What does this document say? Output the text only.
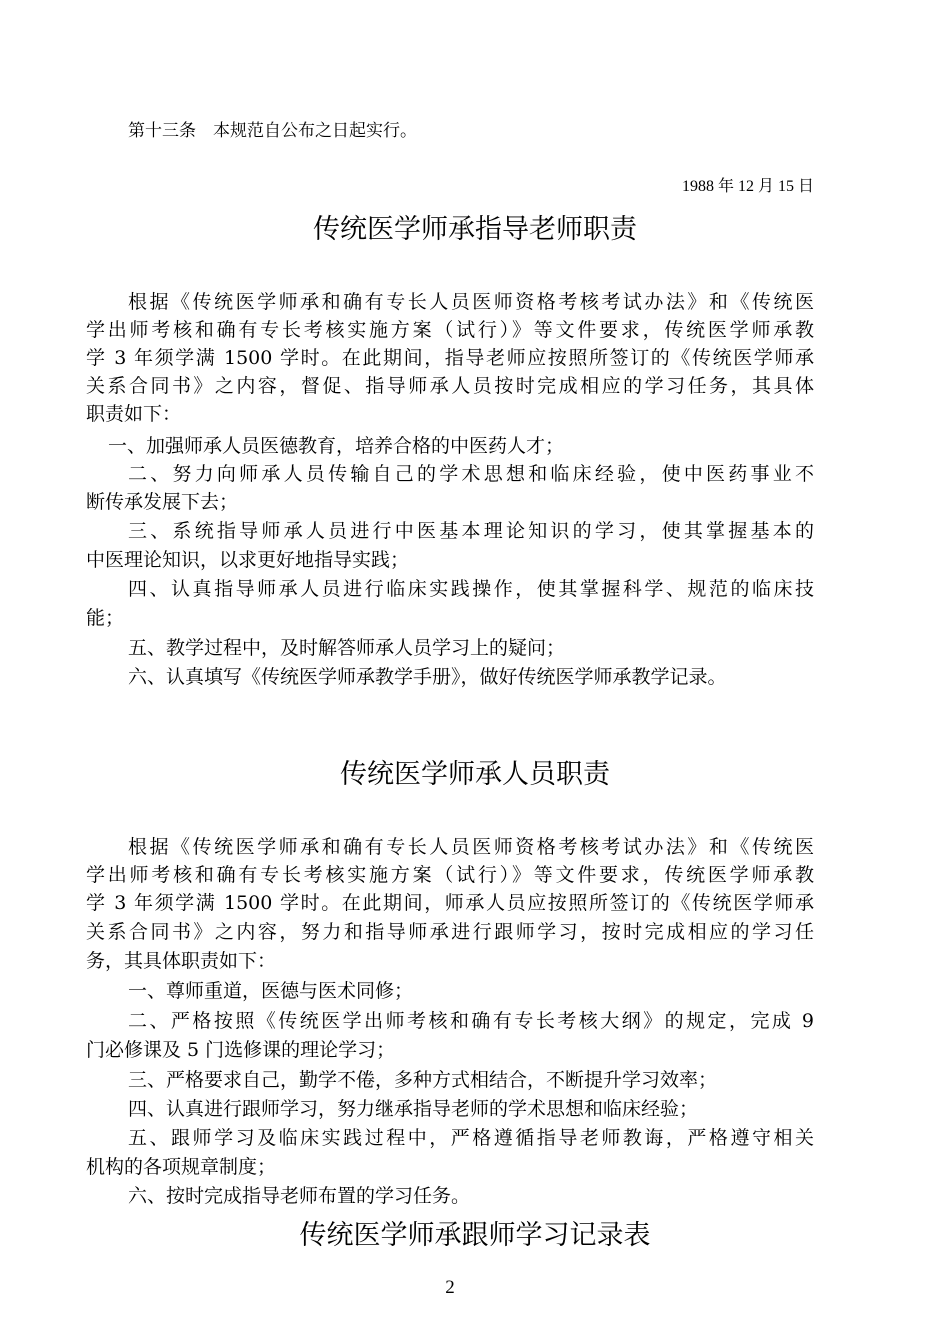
第十三条　本规范自公布之日起实行。
1988 年 12 月 15 日
传统医学师承指导老师职责
根据《传统医学师承和确有专长人员医师资格考核考试办法》和《传统医
学出师考核和确有专长考核实施方案（试行）》等文件要求，传统医学师承教
学 3 年须学满 1500 学时。在此期间，指导老师应按照所签订的《传统医学师承
关系合同书》之内容，督促、指导师承人员按时完成相应的学习任务，其具体
职责如下：
一、加强师承人员医德教育，培养合格的中医药人才；
二、努力向师承人员传输自己的学术思想和临床经验，使中医药事业不
断传承发展下去；
三、系统指导师承人员进行中医基本理论知识的学习，使其掌握基本的
中医理论知识，以求更好地指导实践；
四、认真指导师承人员进行临床实践操作，使其掌握科学、规范的临床技
能；
五、教学过程中，及时解答师承人员学习上的疑问；
六、认真填写《传统医学师承教学手册》，做好传统医学师承教学记录。
传统医学师承人员职责
根据《传统医学师承和确有专长人员医师资格考核考试办法》和《传统医
学出师考核和确有专长考核实施方案（试行）》等文件要求，传统医学师承教
学 3 年须学满 1500 学时。在此期间，师承人员应按照所签订的《传统医学师承
关系合同书》之内容，努力和指导师承进行跟师学习，按时完成相应的学习任
务，其具体职责如下：
一、尊师重道，医德与医术同修；
二、严格按照《传统医学出师考核和确有专长考核大纲》的规定，完成 9
门必修课及 5 门选修课的理论学习；
三、严格要求自己，勤学不倦，多种方式相结合，不断提升学习效率；
四、认真进行跟师学习，努力继承指导老师的学术思想和临床经验；
五、跟师学习及临床实践过程中，严格遵循指导老师教诲，严格遵守相关
机构的各项规章制度；
六、按时完成指导老师布置的学习任务。
传统医学师承跟师学习记录表
2
